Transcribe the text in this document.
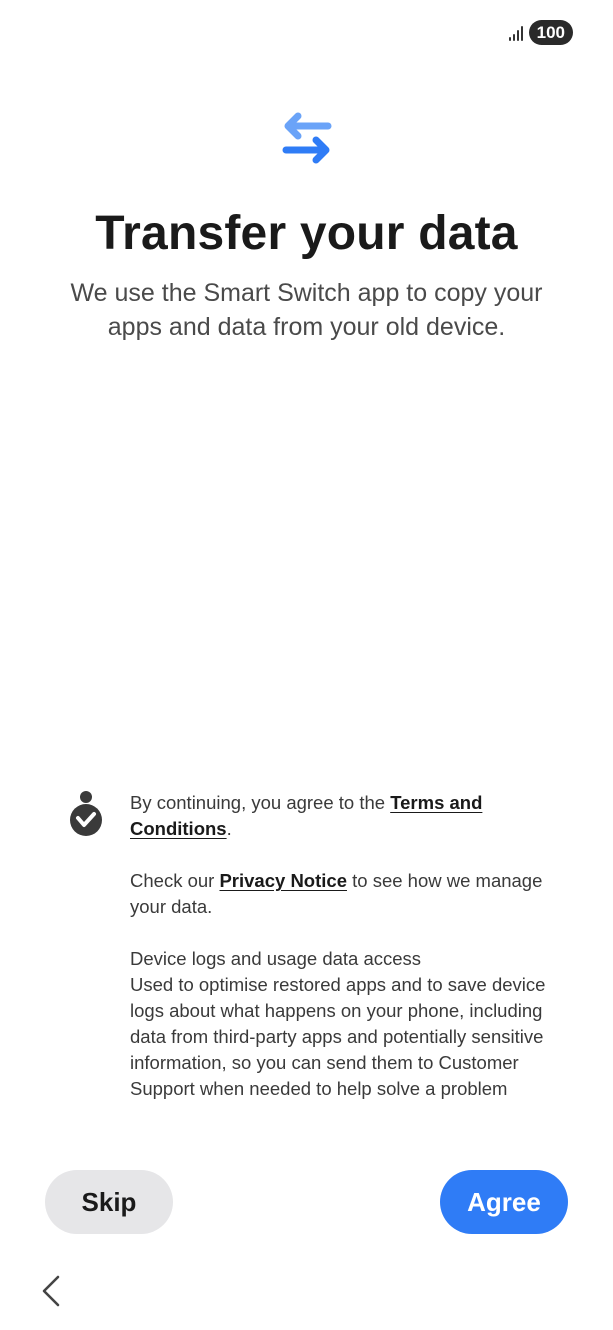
100
Transfer your data

We use the Smart Switch app to copy your apps and data from your old device.

By continuing, you agree to the Terms and Conditions.

Check our Privacy Notice to see how we manage your data.

Device logs and usage data access
Used to optimise restored apps and to save device logs about what happens on your phone, including data from third-party apps and potentially sensitive information, so you can send them to Customer Support when needed to help solve a problem

Skip	Agree
